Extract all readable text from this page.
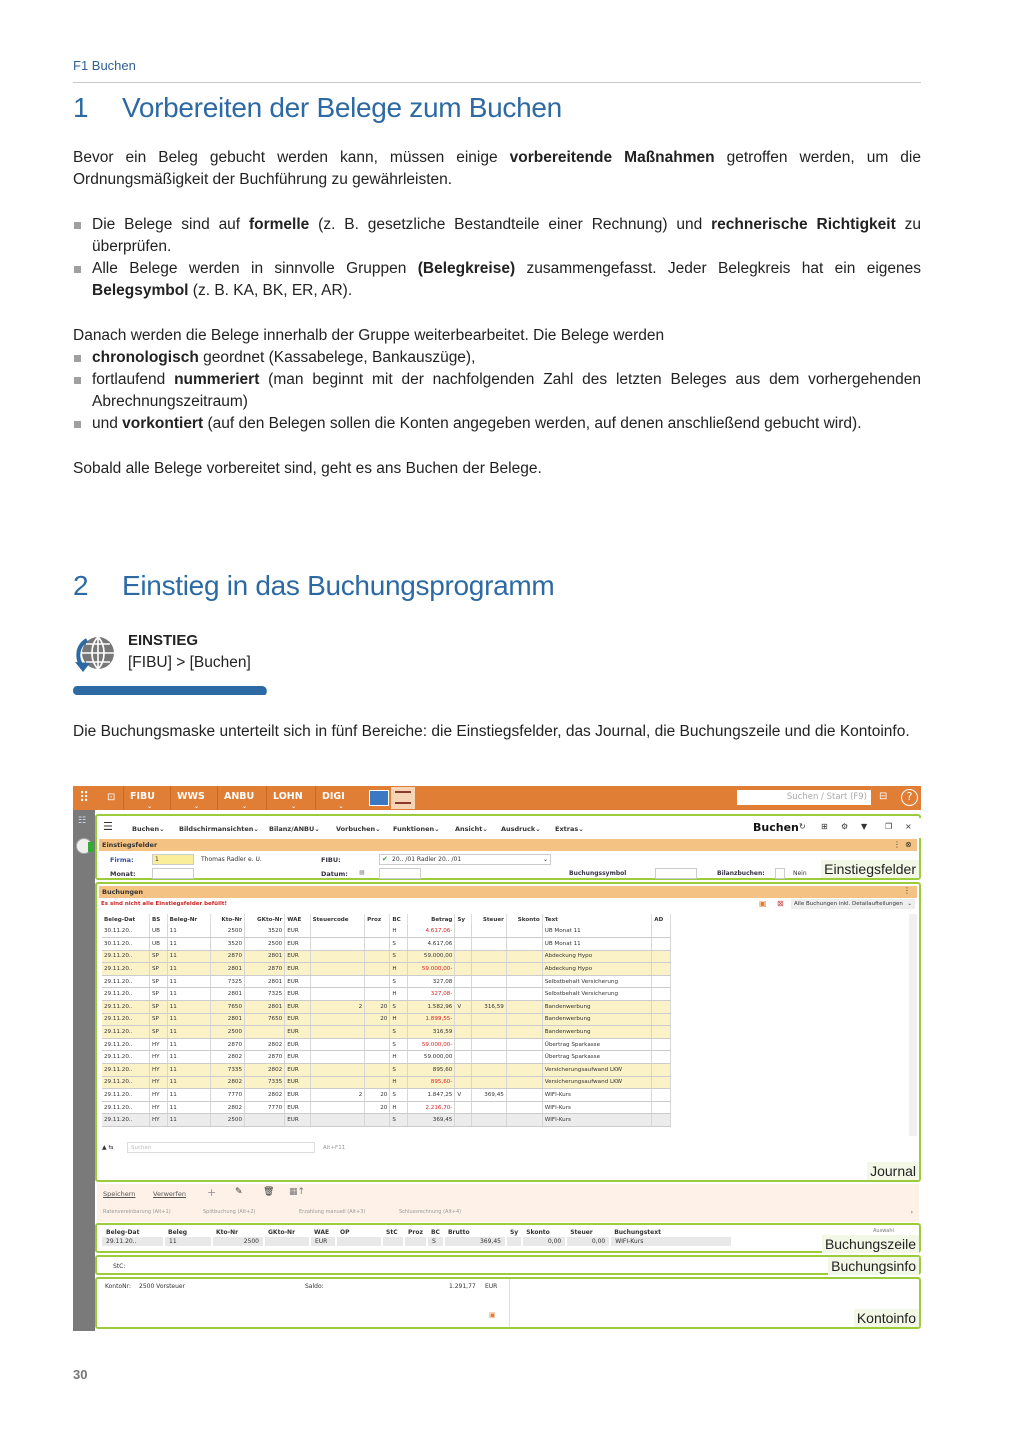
F1 Buchen
1 Vorbereiten der Belege zum Buchen
Bevor ein Beleg gebucht werden kann, müssen einige vorbereitende Maßnahmen getroffen werden, um die Ordnungsmäßigkeit der Buchführung zu gewährleisten.
Die Belege sind auf formelle (z. B. gesetzliche Bestandteile einer Rechnung) und rechnerische Richtigkeit zu überprüfen.
Alle Belege werden in sinnvolle Gruppen (Belegkreise) zusammengefasst. Jeder Belegkreis hat ein eigenes Belegsymbol (z. B. KA, BK, ER, AR).
Danach werden die Belege innerhalb der Gruppe weiterbearbeitet. Die Belege werden
chronologisch geordnet (Kassabelege, Bankauszüge),
fortlaufend nummeriert (man beginnt mit der nachfolgenden Zahl des letzten Beleges aus dem vorhergehenden Abrechnungszeitraum)
und vorkontiert (auf den Belegen sollen die Konten angegeben werden, auf denen anschließend gebucht wird).
Sobald alle Belege vorbereitet sind, geht es ans Buchen der Belege.
2 Einstieg in das Buchungsprogramm
EINSTIEG
[FIBU] > [Buchen]
Die Buchungsmaske unterteilt sich in fünf Bereiche: die Einstiegsfelder, das Journal, die Buchungszeile und die Kontoinfo.
⠿	⊡	FIBU
⌄
WWS
⌄
ANBU
⌄
LOHN
⌄
DIGI
⌄
Suchen / Start (F9)	⊟	?
☷ ☰	Buchen⌄ Bildschirmansichten⌄ Bilanz/ANBU⌄	Vorbuchen⌄ Funktionen⌄ Ansicht⌄ Ausdruck⌄ Extras⌄	Buchen ↻ ⊞ ⚙ ▼ ❐ ×
Einstiegsfelder	⋮ ⊗
Firma:	1	Thomas Radler e. U.	FIBU:	✔ 20.. /01 Radler 20.. /01	⌄
Monat:	Datum: ▦	Buchungssymbol	Bilanzbuchen:	Nein Einstiegsfelder
Buchungen	⋮
Es sind nicht alle Einstiegsfelder befüllt!	▣ ⊠	Alle Buchungen inkl. Detailaufteilungen ⌄
Beleg-Dat	BS	Beleg-Nr	Kto-Nr	GKto-Nr	WAE	Steuercode	Proz	BC	Betrag	Sy	Steuer	Skonto	Text	AD
30.11.20..	UB	11	2500	3520	EUR			H	4.617,06-				UB Monat 11	
30.11.20..	UB	11	3520	2500	EUR			S	4.617,06				UB Monat 11	
29.11.20..	SP	11	2870	2801	EUR			S	59.000,00				Abdeckung Hypo	
29.11.20..	SP	11	2801	2870	EUR			H	59.000,00-				Abdeckung Hypo	
29.11.20..	SP	11	7325	2801	EUR			S	327,08				Selbstbehalt Versicherung	
29.11.20..	SP	11	2801	7325	EUR			H	327,08-				Selbstbehalt Versicherung	
29.11.20..	SP	11	7650	2801	EUR	2	20	S	1.582,96	V	316,59		Bandenwerbung	
29.11.20..	SP	11	2801	7650	EUR		20	H	1.899,55-				Bandenwerbung	
29.11.20..	SP	11	2500		EUR			S	316,59				Bandenwerbung	
29.11.20..	HY	11	2870	2802	EUR			S	59.000,00-				Übertrag Sparkasse	
29.11.20..	HY	11	2802	2870	EUR			H	59.000,00				Übertrag Sparkasse	
29.11.20..	HY	11	7335	2802	EUR			S	895,60				Versicherungsaufwand LKW	
29.11.20..	HY	11	2802	7335	EUR			H	895,60-				Versicherungsaufwand LKW	
29.11.20..	HY	11	7770	2802	EUR	2	20	S	1.847,25	V	369,45		WIFI-Kurs	
29.11.20..	HY	11	2802	7770	EUR		20	H	2.216,70-				WIFI-Kurs	
29.11.20..	HY	11	2500		EUR			S	369,45				WIFI-Kurs	
▲ ⇆	Suchen	Alt+F11
Journal
Speichern	Verwerfen + ✎ 🗑 ▦↑
Ratenvereinbarung (Alt+1)	Splitbuchung (Alt+2)	Erzahlung manuell (Alt+3)	Schlussrechnung (Alt+4)	›
Beleg-Dat	Beleg	Kto-Nr	GKto-Nr	WAE	OP	StC	Proz	BC	Brutto	Sy	Skonto	Steuer	Buchungstext
29.11.20..	11	2500		EUR				S	369,45		0,00	0,00	WIFI-Kurs
Auswahl
Buchungszeile
StC:	Buchungsinfo
KontoNr: 2500 Vorsteuer	Saldo:	1.291,77 EUR
▣	Kontoinfo
30
